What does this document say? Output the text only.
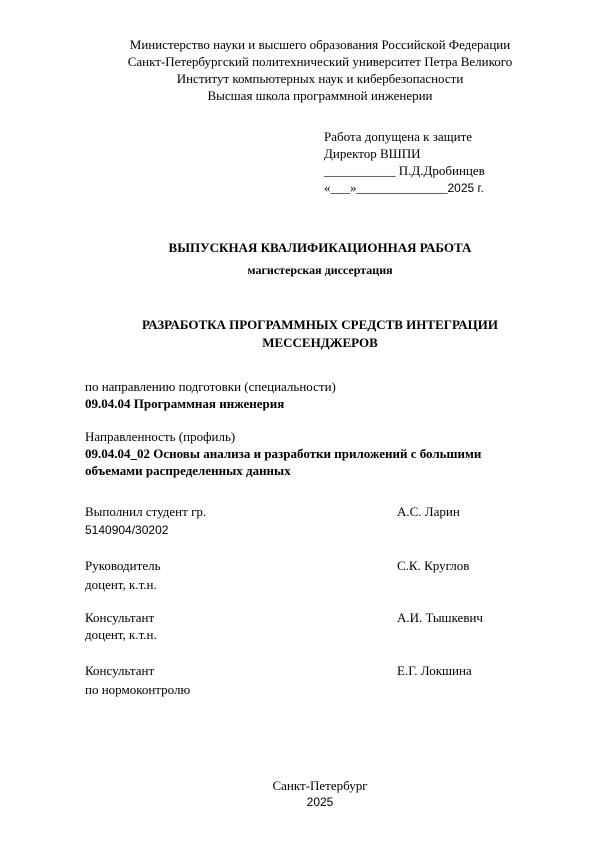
Министерство науки и высшего образования Российской Федерации
Санкт-Петербургский политехнический университет Петра Великого
Институт компьютерных наук и кибербезопасности
Высшая школа программной инженерии
Работа допущена к защите
Директор ВШПИ
___________ П.Д.Дробинцев
«___»______________2025 г.
ВЫПУСКНАЯ КВАЛИФИКАЦИОННАЯ РАБОТА
магистерская диссертация
РАЗРАБОТКА ПРОГРАММНЫХ СРЕДСТВ ИНТЕГРАЦИИ
МЕССЕНДЖЕРОВ
по направлению подготовки (специальности)
09.04.04 Программная инженерия
Направленность (профиль)
09.04.04_02 Основы анализа и разработки приложений с большими
объемами распределенных данных
Выполнил студент гр.
5140904/30202
А.С. Ларин
Руководитель
доцент, к.т.н.
С.К. Круглов
Консультант
доцент, к.т.н.
А.И. Тышкевич
Консультант
по нормоконтролю
Е.Г. Локшина
Санкт-Петербург
2025
